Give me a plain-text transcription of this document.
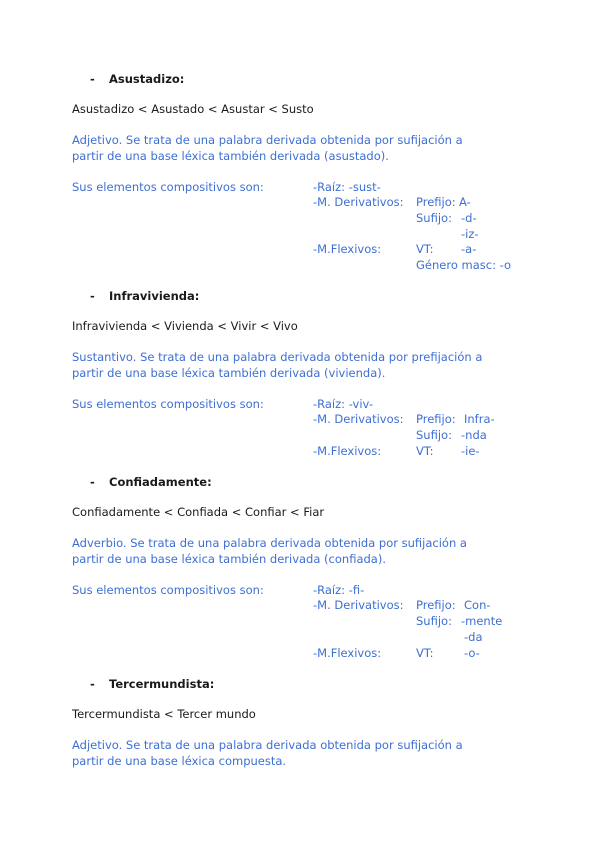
- Asustadizo:
Asustadizo < Asustado < Asustar < Susto
Adjetivo. Se trata de una palabra derivada obtenida por sufijación a
partir de una base léxica también derivada (asustado).
Sus elementos compositivos son:	-Raíz: -sust-
-M. Derivativos: Prefijo: A-
Sufijo: -d-
-iz-
-M.Flexivos:	VT: -a-
Género masc: -o
- Infravivienda:
Infravivienda < Vivienda < Vivir < Vivo
Sustantivo. Se trata de una palabra derivada obtenida por prefijación a
partir de una base léxica también derivada (vivienda).
Sus elementos compositivos son:	-Raíz: -viv-
-M. Derivativos: Prefijo: Infra-
Sufijo: -nda
-M.Flexivos:	VT: -ie-
- Confiadamente:
Confiadamente < Confiada < Confiar < Fiar
Adverbio. Se trata de una palabra derivada obtenida por sufijación a
partir de una base léxica también derivada (confiada).
Sus elementos compositivos son:	-Raíz: -fi-
-M. Derivativos: Prefijo: Con-
Sufijo: -mente
-da
-M.Flexivos:	VT:	-o-
- Tercermundista:
Tercermundista < Tercer mundo
Adjetivo. Se trata de una palabra derivada obtenida por sufijación a
partir de una base léxica compuesta.
